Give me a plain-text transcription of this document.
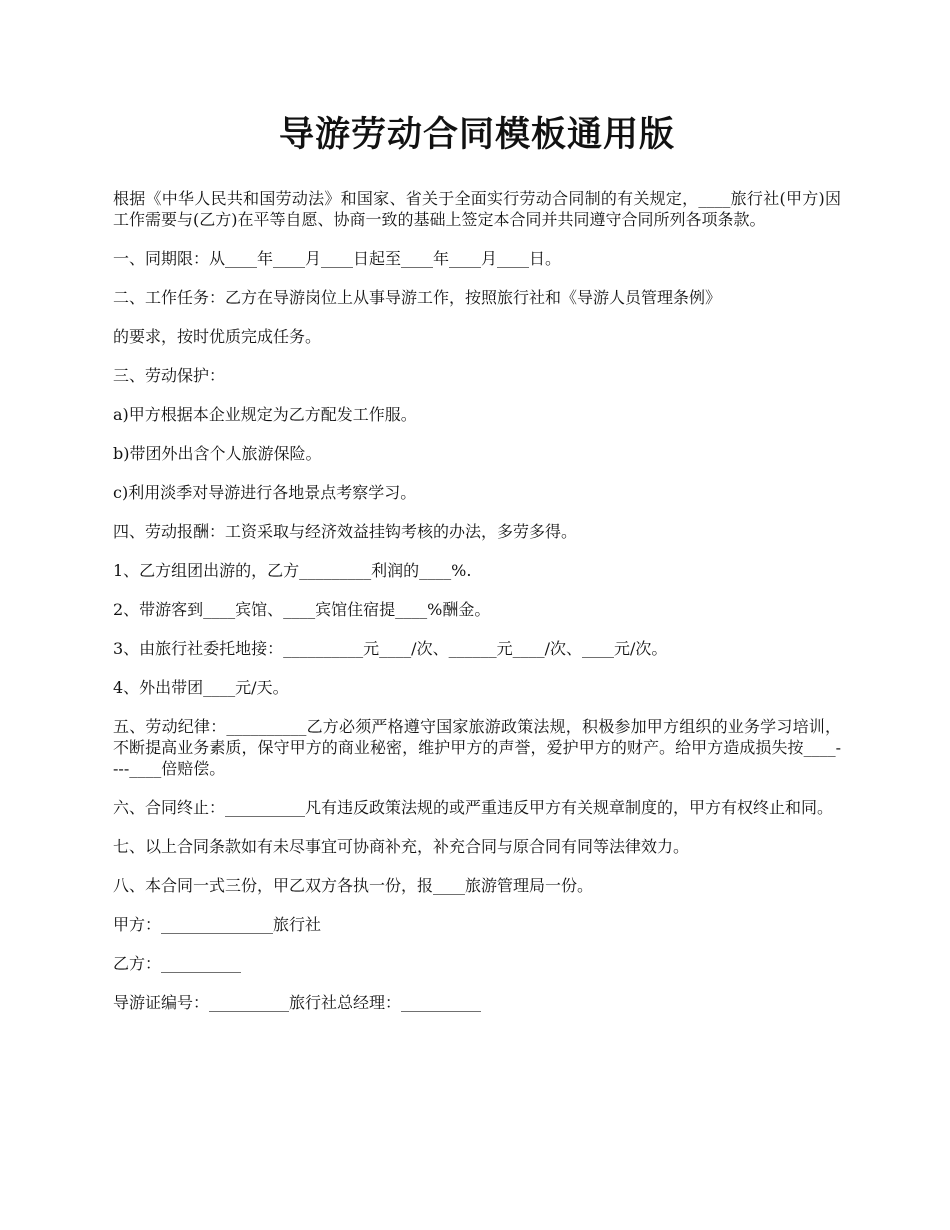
导游劳动合同模板通用版

根据《中华人民共和国劳动法》和国家、省关于全面实行劳动合同制的有关规定，____旅行社(甲方)因工作需要与(乙方)在平等自愿、协商一致的基础上签定本合同并共同遵守合同所列各项条款。

一、同期限：从____年____月____日起至____年____月____日。

二、工作任务：乙方在导游岗位上从事导游工作，按照旅行社和《导游人员管理条例》

的要求，按时优质完成任务。

三、劳动保护：

a)甲方根据本企业规定为乙方配发工作服。

b)带团外出含个人旅游保险。

c)利用淡季对导游进行各地景点考察学习。

四、劳动报酬：工资采取与经济效益挂钩考核的办法，多劳多得。

1、乙方组团出游的，乙方_________利润的____%.

2、带游客到____宾馆、____宾馆住宿提____%酬金。

3、由旅行社委托地接：__________元____/次、______元____/次、____元/次。

4、外出带团____元/天。

五、劳动纪律：__________乙方必须严格遵守国家旅游政策法规，积极参加甲方组织的业务学习培训，不断提高业务素质，保守甲方的商业秘密，维护甲方的声誉，爱护甲方的财产。给甲方造成损失按____----____倍赔偿。

六、合同终止：__________凡有违反政策法规的或严重违反甲方有关规章制度的，甲方有权终止和同。

七、以上合同条款如有未尽事宜可协商补充，补充合同与原合同有同等法律效力。

八、本合同一式三份，甲乙双方各执一份，报____旅游管理局一份。

甲方：______________旅行社

乙方：__________

导游证编号：__________旅行社总经理：__________
